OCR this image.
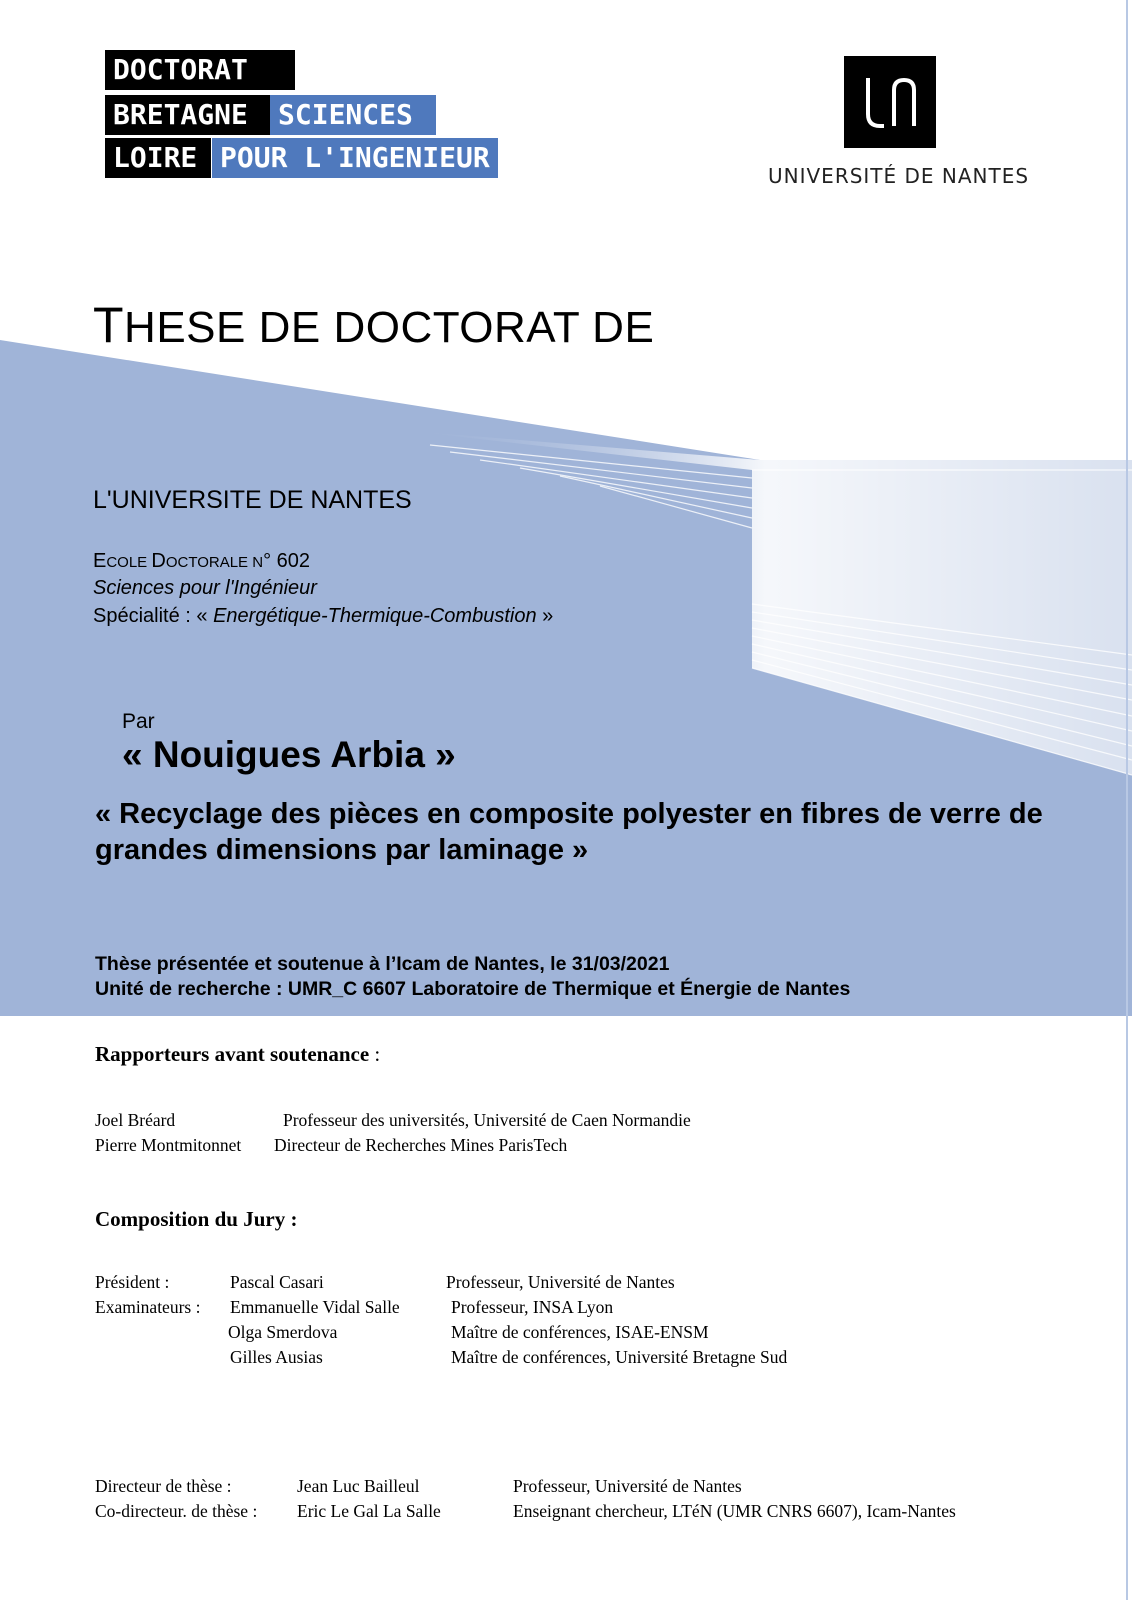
DOCTORAT
BRETAGNE	SCIENCES
LOIRE POUR L'INGENIEUR
UNIVERSITÉ DE NANTES
THESE DE DOCTORAT DE
L'UNIVERSITE DE NANTES
ECOLE DOCTORALE N° 602
Sciences pour l'Ingénieur
Spécialité : « Energétique-Thermique-Combustion »
Par
« Nouigues Arbia »
« Recyclage des pièces en composite polyester en fibres de verre de
grandes dimensions par laminage »
Thèse présentée et soutenue à l’Icam de Nantes, le 31/03/2021
Unité de recherche : UMR_C 6607 Laboratoire de Thermique et Énergie de Nantes
Rapporteurs avant soutenance :
Joel Bréard	Professeur des universités, Université de Caen Normandie
Pierre Montmitonnet Directeur de Recherches Mines ParisTech
Composition du Jury :
Président :	Pascal Casari	Professeur, Université de Nantes
Examinateurs : Emmanuelle Vidal Salle	Professeur, INSA Lyon
Olga Smerdova	Maître de conférences, ISAE-ENSM
Gilles Ausias	Maître de conférences, Université Bretagne Sud
Directeur de thèse :	Jean Luc Bailleul	Professeur, Université de Nantes
Co-directeur. de thèse : Eric Le Gal La Salle	Enseignant chercheur, LTéN (UMR CNRS 6607), Icam-Nantes
